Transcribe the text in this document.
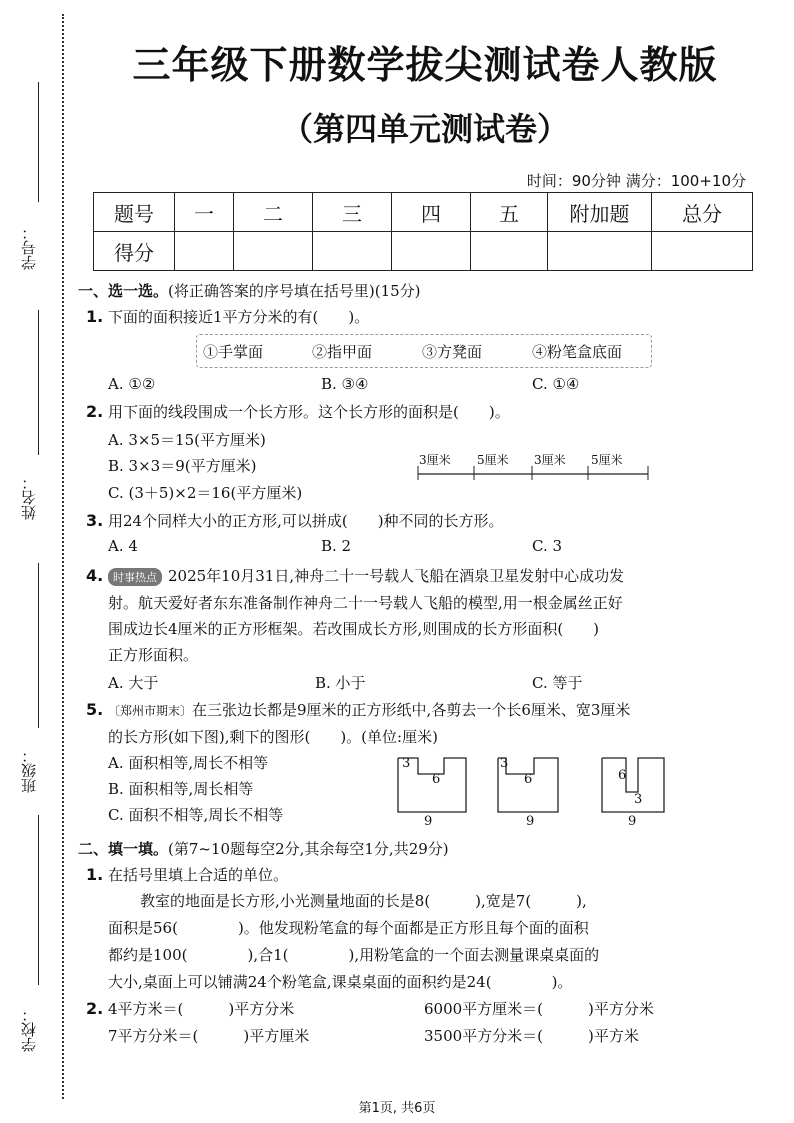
学号：
姓名：
班级：
学校：
三年级下册数学拔尖测试卷人教版
（第四单元测试卷）
时间：90分钟 满分：100+10分
题号	一	二	三	四	五	附加题	总分
得分							
一、选一选。(将正确答案的序号填在括号里)(15分)
1. 下面的面积接近1平方分米的有(　　)。
①手掌面	②指甲面	③方凳面	④粉笔盒底面
A. ①②	B. ③④	C. ①④
2. 用下面的线段围成一个长方形。这个长方形的面积是(　　)。
A. 3×5＝15(平方厘米)
B. 3×3＝9(平方厘米)
C. (3＋5)×2＝16(平方厘米)
3厘米 5厘米 3厘米 5厘米
3. 用24个同样大小的正方形,可以拼成(　　)种不同的长方形。
A. 4	B. 2	C. 3
4. 时事热点 2025年10月31日,神舟二十一号载人飞船在酒泉卫星发射中心成功发
射。航天爱好者东东准备制作神舟二十一号载人飞船的模型,用一根金属丝正好
围成边长4厘米的正方形框架。若改围成长方形,则围成的长方形面积(　　)
正方形面积。
A. 大于	B. 小于	C. 等于
5. 〔郑州市期末〕在三张边长都是9厘米的正方形纸中,各剪去一个长6厘米、宽3厘米
的长方形(如下图),剩下的图形(　　)。(单位:厘米)
A. 面积相等,周长不相等
B. 面积相等,周长相等
C. 面积不相等,周长不相等
3
6
9
3
6
9
6
3
9
二、填一填。(第7~10题每空2分,其余每空1分,共29分)
1. 在括号里填上合适的单位。
教室的地面是长方形,小光测量地面的长是8(　　　),宽是7(　　　),
面积是56(　　　　)。他发现粉笔盒的每个面都是正方形且每个面的面积
都约是100(　　　　),合1(　　　　),用粉笔盒的一个面去测量课桌桌面的
大小,桌面上可以铺满24个粉笔盒,课桌桌面的面积约是24(　　　　)。
2. 4平方米＝(　　　)平方分米	6000平方厘米＝(　　　)平方分米
7平方分米＝(　　　)平方厘米	3500平方分米＝(　　　)平方米
第1页, 共6页
